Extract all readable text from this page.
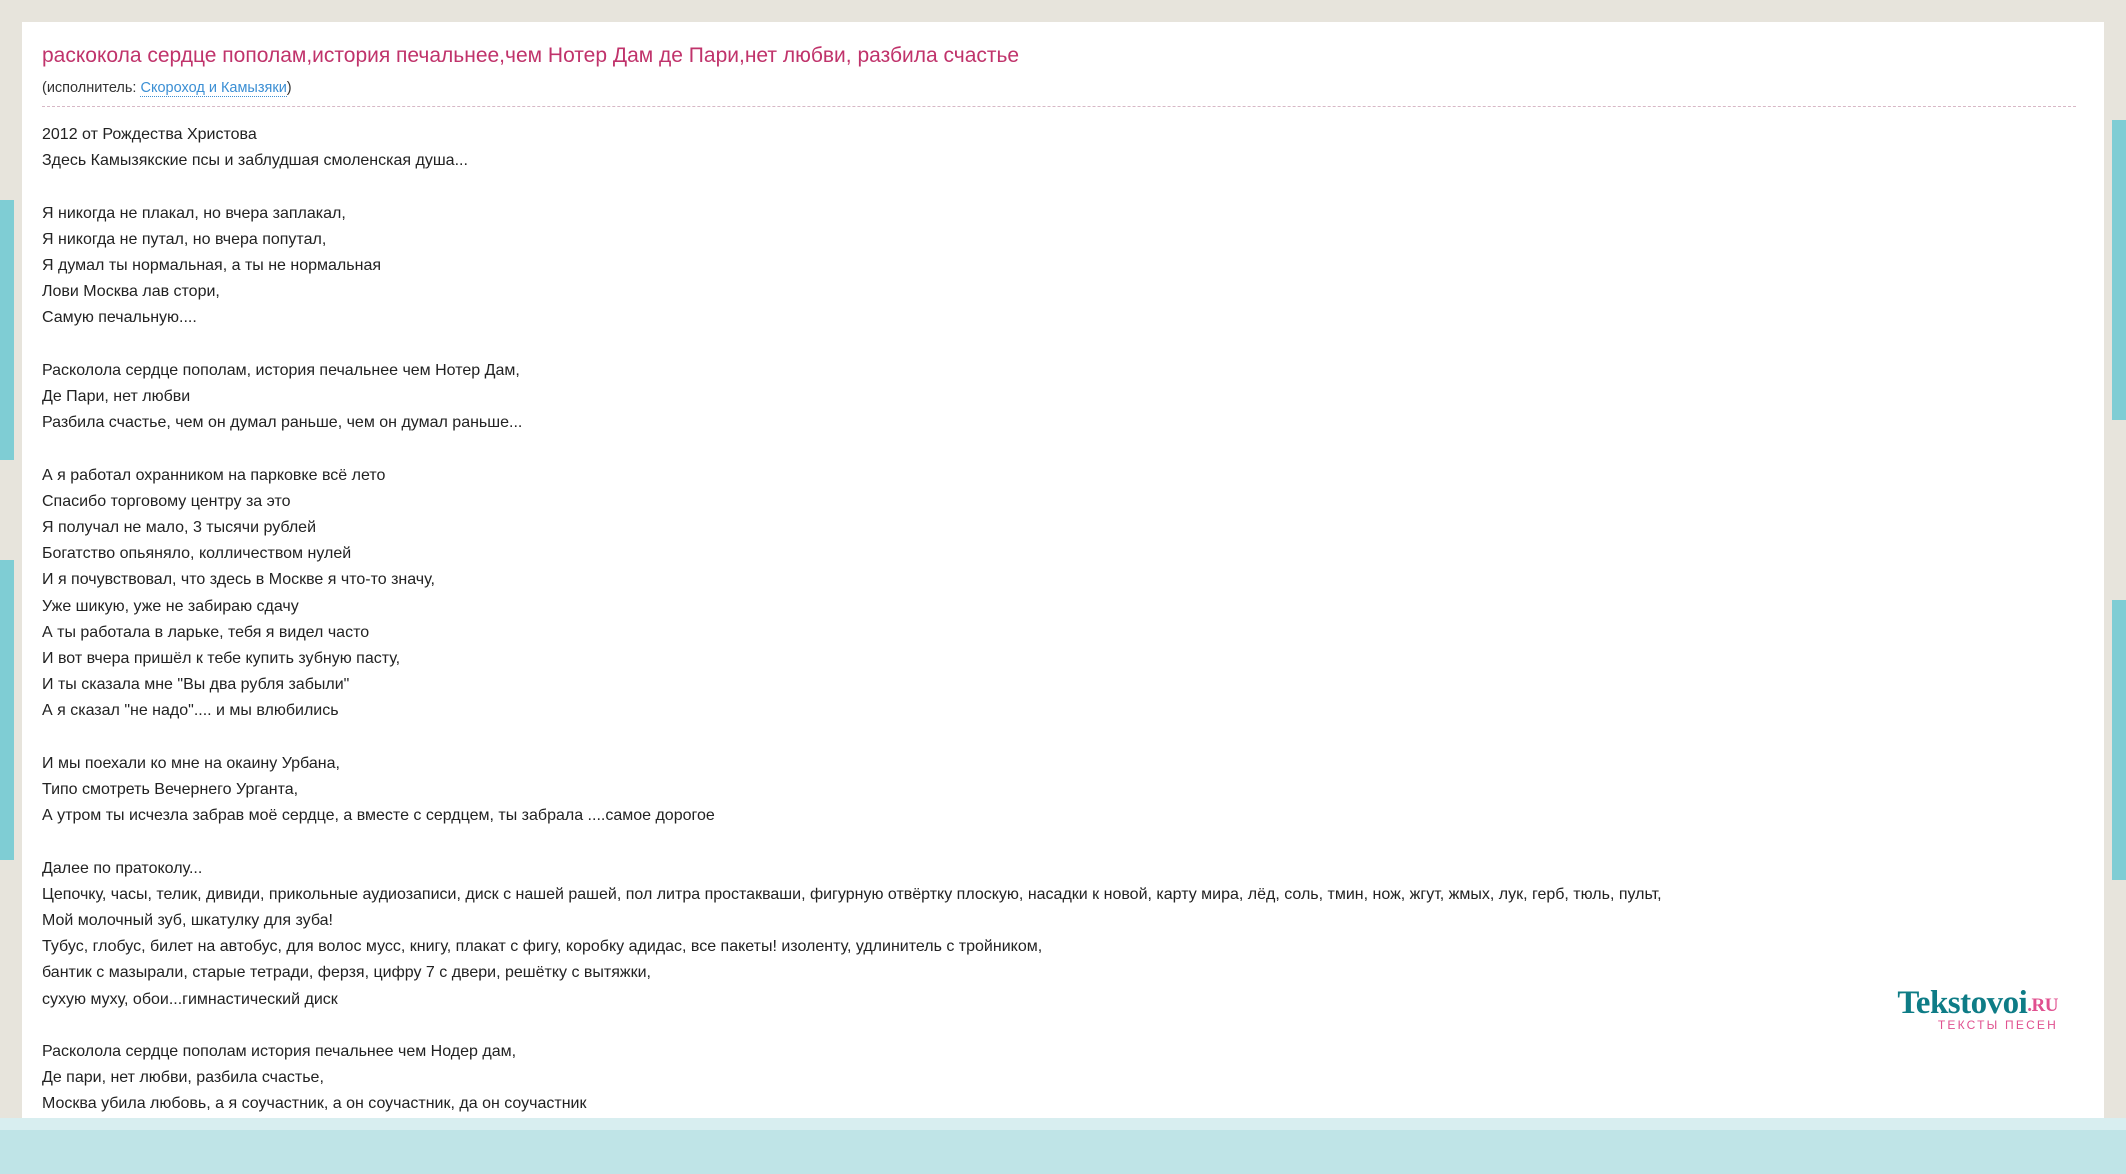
раскокола сердце пополам,история печальнее,чем Нотер Дам де Пари,нет любви, разбила счастье
(исполнитель: Скороход и Камызяки)
2012 от Рождества Христова
Здесь Камызякские псы и заблудшая смоленская душа...
Я никогда не плакал, но вчера заплакал,
Я никогда не путал, но вчера попутал,
Я думал ты нормальная, а ты не нормальная
Лови Москва лав стори,
Самую печальную....
Расколола сердце пополам, история печальнее чем Нотер Дам,
Де Пари, нет любви
Разбила счастье, чем он думал раньше, чем он думал раньше...
А я работал охранником на парковке всё лето
Спасибо торговому центру за это
Я получал не мало, 3 тысячи рублей
Богатство опьяняло, колличеством нулей
И я почувствовал, что здесь в Москве я что-то значу,
Уже шикую, уже не забираю сдачу
А ты работала в ларьке, тебя я видел часто
И вот вчера пришёл к тебе купить зубную пасту,
И ты сказала мне "Вы два рубля забыли"
А я сказал "не надо".... и мы влюбились
И мы поехали ко мне на окаину Урбана,
Типо смотреть Вечернего Урганта,
А утром ты исчезла забрав моё сердце, а вместе с сердцем, ты забрала ....самое дорогое
Далее по пратоколу...
Цепочку, часы, телик, дивиди, прикольные аудиозаписи, диск с нашей рашей, пол литра простакваши, фигурную отвёртку плоскую, насадки к новой, карту мира, лёд, соль, тмин, нож, жгут, жмых, лук, герб, тюль, пульт,
Мой молочный зуб, шкатулку для зуба!
Тубус, глобус, билет на автобус, для волос мусс, книгу, плакат с фигу, коробку адидас, все пакеты! изоленту, удлинитель с тройником,
бантик с мазырали, старые тетради, ферзя, цифру 7 с двери, решётку с вытяжки,
сухую муху, обои...гимнастический диск
Расколола сердце пополам история печальнее чем Нодер дам,
Де пари, нет любви, разбила счастье,
Москва убила любовь, а я соучастник, а он соучастник, да он соучастник
Tekstovoi.RU
ТЕКСТЫ ПЕСЕН
